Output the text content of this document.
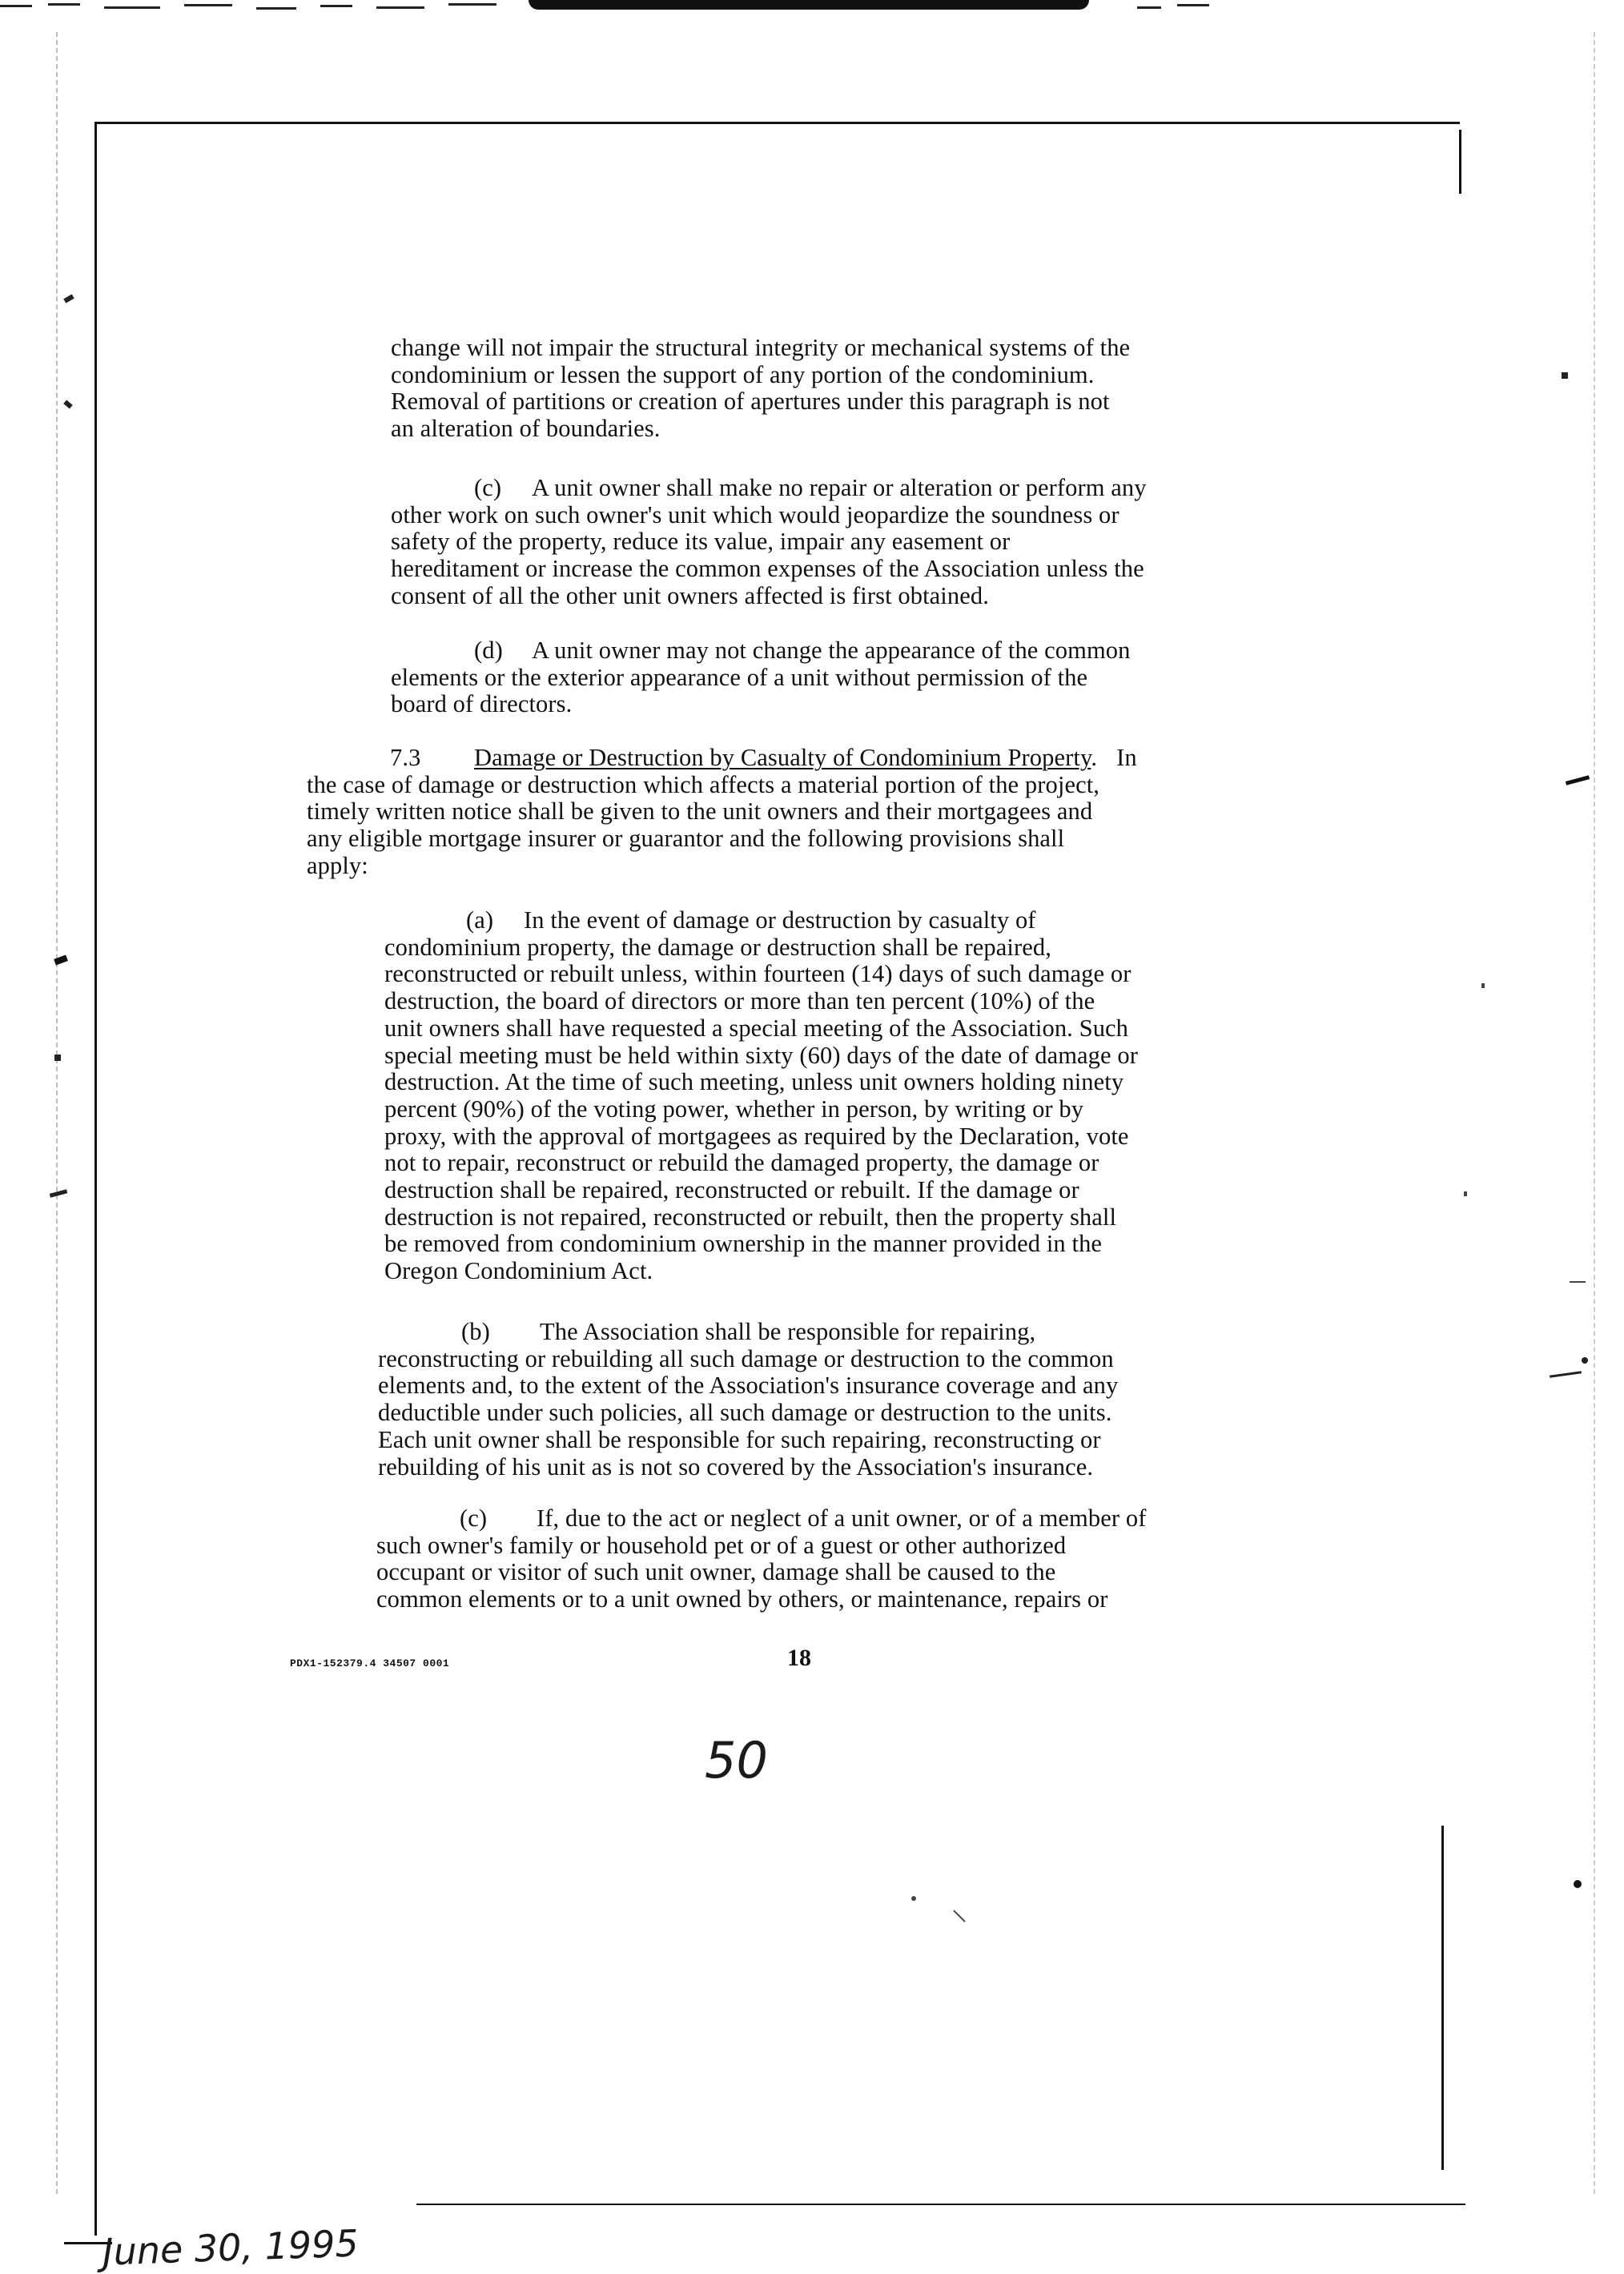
change will not impair the structural integrity or mechanical systems of the
condominium or lessen the support of any portion of the condominium.
Removal of partitions or creation of apertures under this paragraph is not
an alteration of boundaries.

(c) A unit owner shall make no repair or alteration or perform any
other work on such owner's unit which would jeopardize the soundness or
safety of the property, reduce its value, impair any easement or
hereditament or increase the common expenses of the Association unless the
consent of all the other unit owners affected is first obtained.
(d) A unit owner may not change the appearance of the common
elements or the exterior appearance of a unit without permission of the
board of directors.
7.3 Damage or Destruction by Casualty of Condominium Property. In
the case of damage or destruction which affects a material portion of the project,
timely written notice shall be given to the unit owners and their mortgagees and
any eligible mortgage insurer or guarantor and the following provisions shall
apply:
(a) In the event of damage or destruction by casualty of
condominium property, the damage or destruction shall be repaired,
reconstructed or rebuilt unless, within fourteen (14) days of such damage or
destruction, the board of directors or more than ten percent (10%) of the
unit owners shall have requested a special meeting of the Association. Such
special meeting must be held within sixty (60) days of the date of damage or
destruction. At the time of such meeting, unless unit owners holding ninety
percent (90%) of the voting power, whether in person, by writing or by
proxy, with the approval of mortgagees as required by the Declaration, vote
not to repair, reconstruct or rebuild the damaged property, the damage or
destruction shall be repaired, reconstructed or rebuilt. If the damage or
destruction is not repaired, reconstructed or rebuilt, then the property shall
be removed from condominium ownership in the manner provided in the
Oregon Condominium Act.
(b) The Association shall be responsible for repairing,
reconstructing or rebuilding all such damage or destruction to the common
elements and, to the extent of the Association's insurance coverage and any
deductible under such policies, all such damage or destruction to the units.
Each unit owner shall be responsible for such repairing, reconstructing or
rebuilding of his unit as is not so covered by the Association's insurance.
(c) If, due to the act or neglect of a unit owner, or of a member of
such owner's family or household pet or of a guest or other authorized
occupant or visitor of such unit owner, damage shall be caused to the
common elements or to a unit owned by others, or maintenance, repairs or
PDX1-152379.4 34507 0001	18
50
June 30, 1995
